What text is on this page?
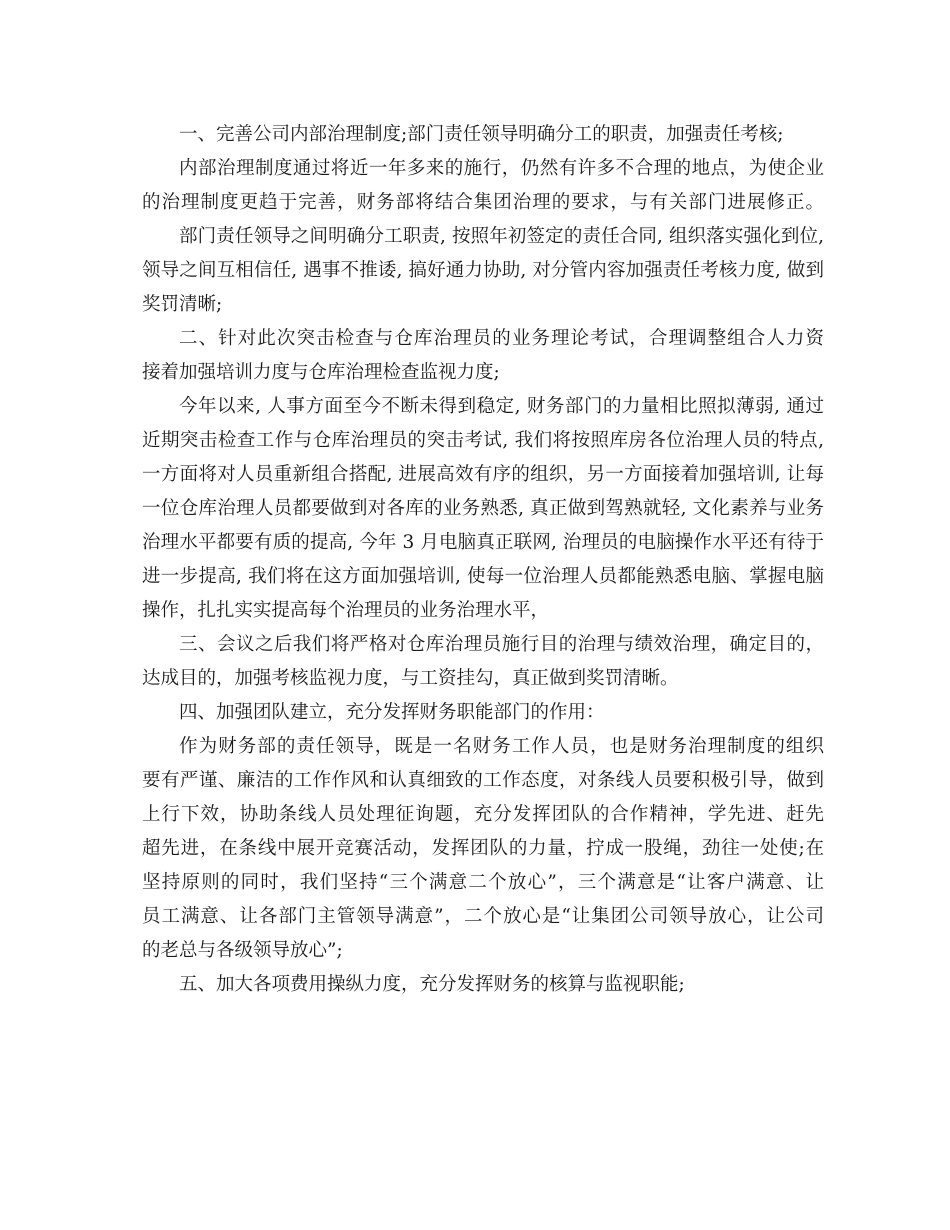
一、完善公司内部治理制度;部门责任领导明确分工的职责，加强责任考核;
内部治理制度通过将近一年多来的施行，仍然有许多不合理的地点，为使企业
的治理制度更趋于完善，财务部将结合集团治理的要求，与有关部门进展修正。
部门责任领导之间明确分工职责, 按照年初签定的责任合同, 组织落实强化到位,
领导之间互相信任, 遇事不推诿, 搞好通力协助, 对分管内容加强责任考核力度, 做到
奖罚清晰;
二、针对此次突击检查与仓库治理员的业务理论考试，合理调整组合人力资
接着加强培训力度与仓库治理检查监视力度;
今年以来, 人事方面至今不断未得到稳定, 财务部门的力量相比照拟薄弱, 通过
近期突击检查工作与仓库治理员的突击考试, 我们将按照库房各位治理人员的特点,
一方面将对人员重新组合搭配, 进展高效有序的组织，另一方面接着加强培训, 让每
一位仓库治理人员都要做到对各库的业务熟悉, 真正做到驾熟就轻, 文化素养与业务
治理水平都要有质的提高, 今年 3 月电脑真正联网, 治理员的电脑操作水平还有待于
进一步提高, 我们将在这方面加强培训, 使每一位治理人员都能熟悉电脑、掌握电脑
操作，扎扎实实提高每个治理员的业务治理水平，
三、会议之后我们将严格对仓库治理员施行目的治理与绩效治理，确定目的，
达成目的，加强考核监视力度，与工资挂勾，真正做到奖罚清晰。
四、加强团队建立，充分发挥财务职能部门的作用：
作为财务部的责任领导，既是一名财务工作人员，也是财务治理制度的组织
要有严谨、廉洁的工作作风和认真细致的工作态度，对条线人员要积极引导，做到
上行下效，协助条线人员处理征询题，充分发挥团队的合作精神，学先进、赶先
超先进，在条线中展开竞赛活动，发挥团队的力量，拧成一股绳，劲往一处使;在
坚持原则的同时，我们坚持“三个满意二个放心”，三个满意是“让客户满意、让
员工满意、让各部门主管领导满意”，二个放心是“让集团公司领导放心，让公司
的老总与各级领导放心”;
五、加大各项费用操纵力度，充分发挥财务的核算与监视职能;
